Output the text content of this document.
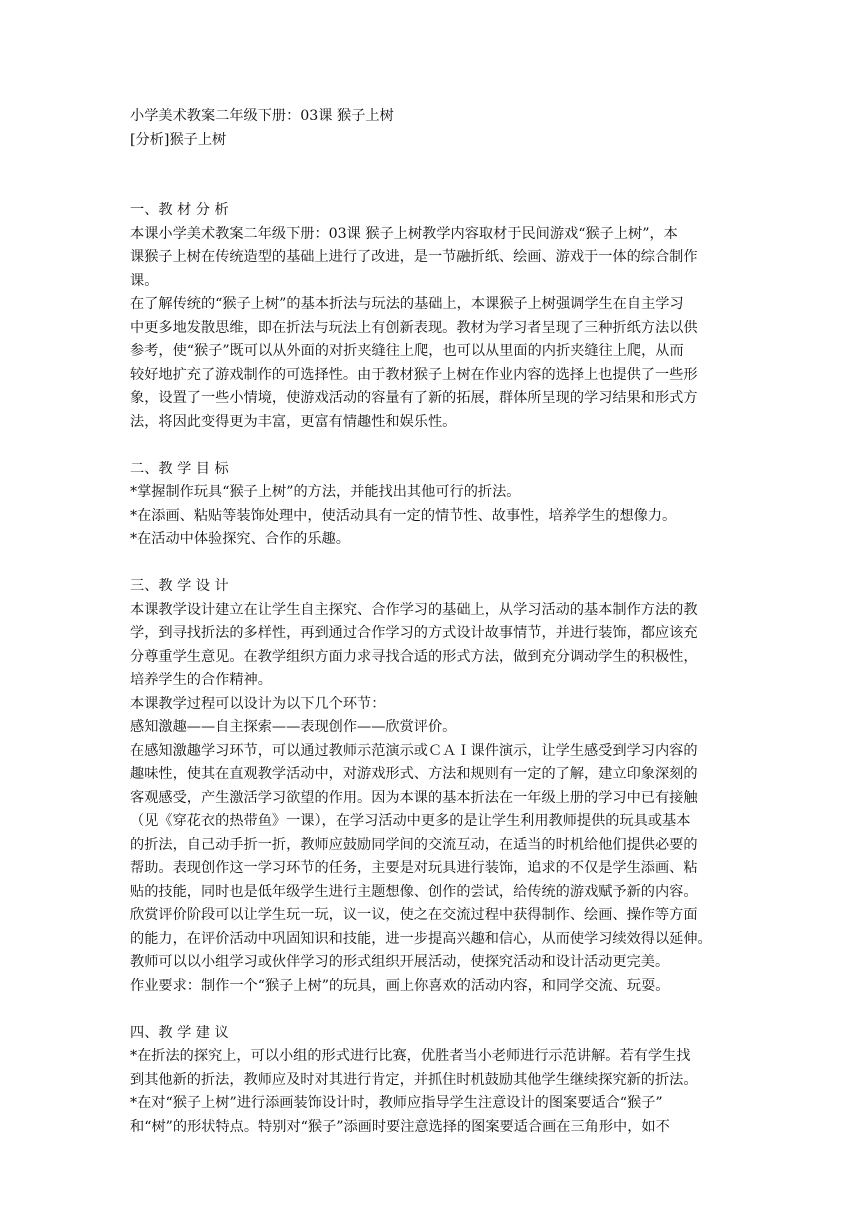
小学美术教案二年级下册：03课 猴子上树
[分析]猴子上树
一、教 材 分 析
本课小学美术教案二年级下册：03课 猴子上树教学内容取材于民间游戏“猴子上树”，本
课猴子上树在传统造型的基础上进行了改进，是一节融折纸、绘画、游戏于一体的综合制作
课。
在了解传统的“猴子上树”的基本折法与玩法的基础上，本课猴子上树强调学生在自主学习
中更多地发散思维，即在折法与玩法上有创新表现。教材为学习者呈现了三种折纸方法以供
参考，使“猴子”既可以从外面的对折夹缝往上爬，也可以从里面的内折夹缝往上爬，从而
较好地扩充了游戏制作的可选择性。由于教材猴子上树在作业内容的选择上也提供了一些形
象，设置了一些小情境，使游戏活动的容量有了新的拓展，群体所呈现的学习结果和形式方
法，将因此变得更为丰富，更富有情趣性和娱乐性。
二、教 学 目 标
*掌握制作玩具“猴子上树”的方法，并能找出其他可行的折法。
*在添画、粘贴等装饰处理中，使活动具有一定的情节性、故事性，培养学生的想像力。
*在活动中体验探究、合作的乐趣。
三、教 学 设 计
本课教学设计建立在让学生自主探究、合作学习的基础上，从学习活动的基本制作方法的教
学，到寻找折法的多样性，再到通过合作学习的方式设计故事情节，并进行装饰，都应该充
分尊重学生意见。在教学组织方面力求寻找合适的形式方法，做到充分调动学生的积极性，
培养学生的合作精神。
本课教学过程可以设计为以下几个环节：
感知激趣——自主探索——表现创作——欣赏评价。
在感知激趣学习环节，可以通过教师示范演示或ＣＡＩ课件演示，让学生感受到学习内容的
趣味性，使其在直观教学活动中，对游戏形式、方法和规则有一定的了解，建立印象深刻的
客观感受，产生激活学习欲望的作用。因为本课的基本折法在一年级上册的学习中已有接触
（见《穿花衣的热带鱼》一课），在学习活动中更多的是让学生利用教师提供的玩具或基本
的折法，自己动手折一折，教师应鼓励同学间的交流互动，在适当的时机给他们提供必要的
帮助。表现创作这一学习环节的任务，主要是对玩具进行装饰，追求的不仅是学生添画、粘
贴的技能，同时也是低年级学生进行主题想像、创作的尝试，给传统的游戏赋予新的内容。
欣赏评价阶段可以让学生玩一玩，议一议，使之在交流过程中获得制作、绘画、操作等方面
的能力，在评价活动中巩固知识和技能，进一步提高兴趣和信心，从而使学习续效得以延伸。
教师可以以小组学习或伙伴学习的形式组织开展活动，使探究活动和设计活动更完美。
作业要求：制作一个“猴子上树”的玩具，画上你喜欢的活动内容，和同学交流、玩耍。
四、教 学 建 议
*在折法的探究上，可以小组的形式进行比赛，优胜者当小老师进行示范讲解。若有学生找
到其他新的折法，教师应及时对其进行肯定，并抓住时机鼓励其他学生继续探究新的折法。
*在对“猴子上树”进行添画装饰设计时，教师应指导学生注意设计的图案要适合“猴子”
和“树”的形状特点。特别对“猴子”添画时要注意选择的图案要适合画在三角形中，如不
